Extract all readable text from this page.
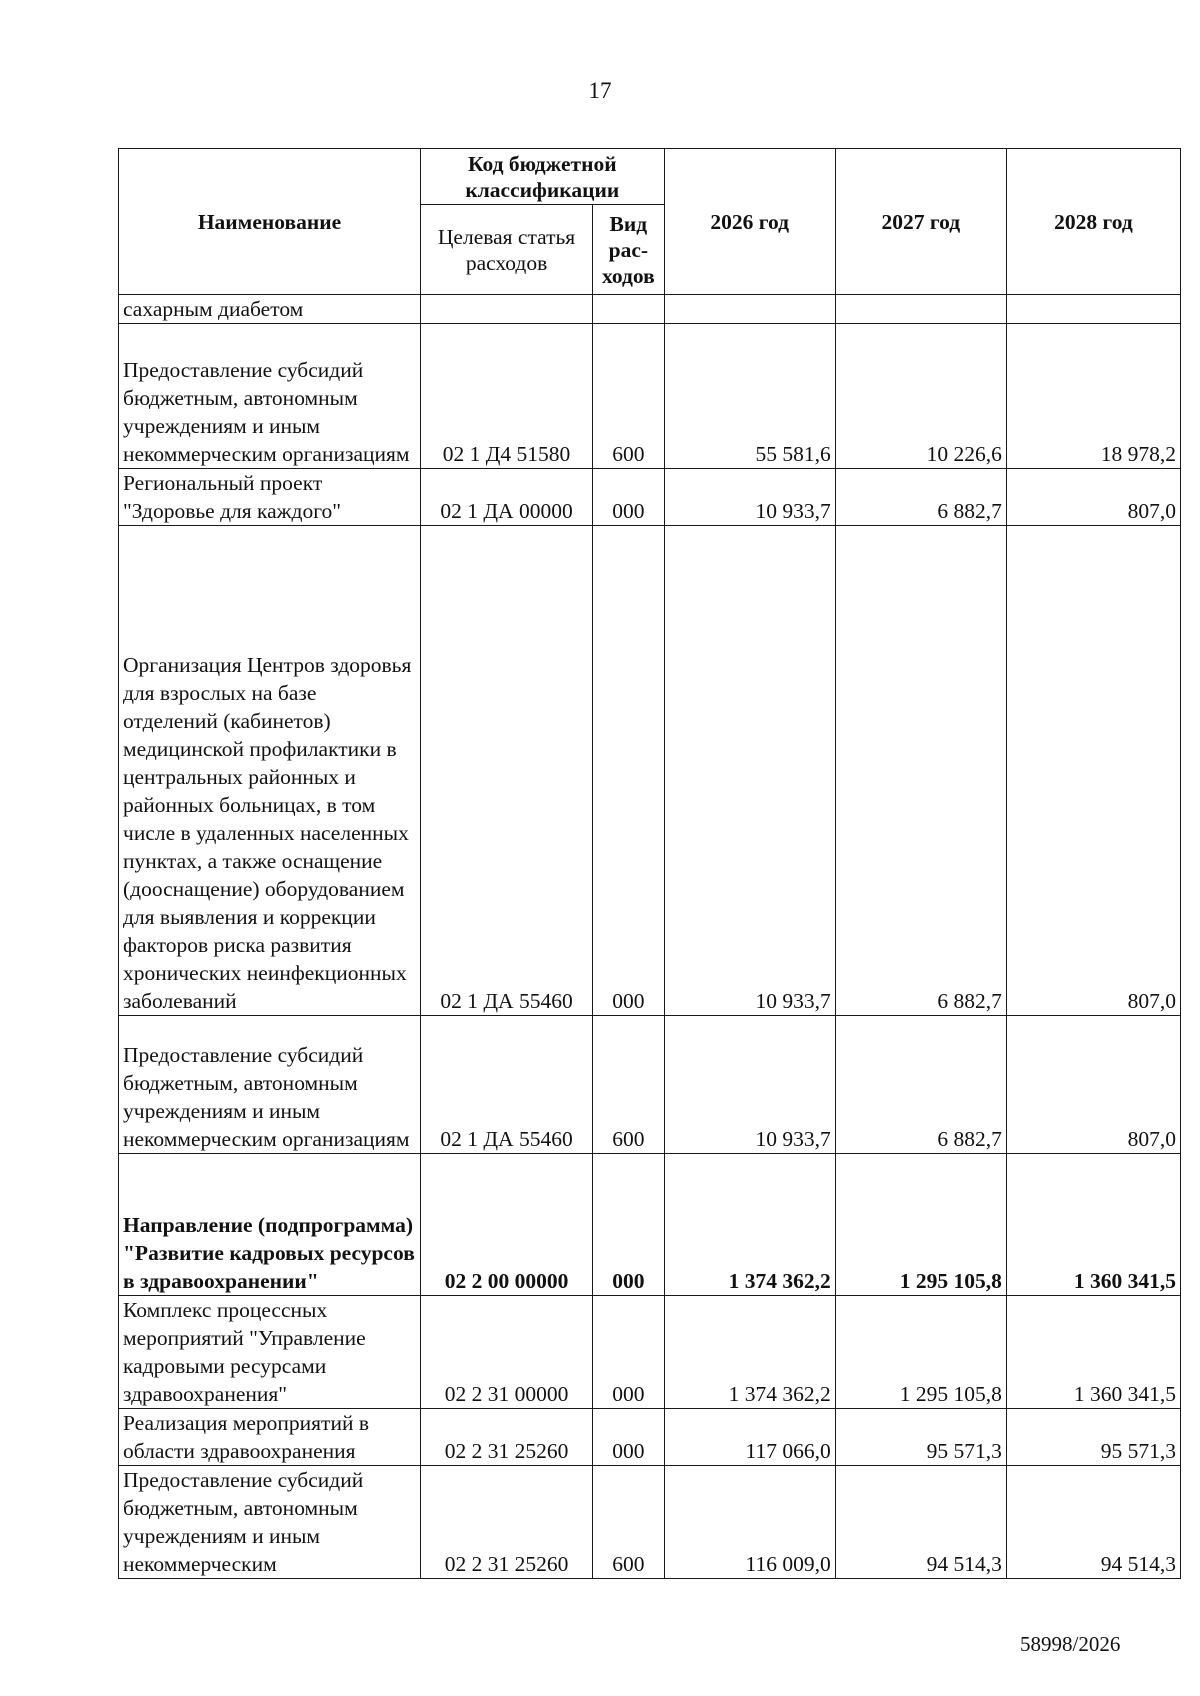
17
Наименование	Код бюджетной классификации		2026 год	2027 год	2028 год
	Целевая статья расходов	Вид рас-ходов			
сахарным диабетом					
Предоставление субсидий бюджетным, автономным учреждениям и иным некоммерческим организациям	02 1 Д4 51580	600	55 581,6	10 226,6	18 978,2
Региональный проект "Здоровье для каждого"	02 1 ДА 00000	000	10 933,7	6 882,7	807,0
Организация Центров здоровья для взрослых на базе отделений (кабинетов) медицинской профилактики в центральных районных и районных больницах, в том числе в удаленных населенных пунктах, а также оснащение (дооснащение) оборудованием для выявления и коррекции факторов риска развития хронических неинфекционных заболеваний	02 1 ДА 55460	000	10 933,7	6 882,7	807,0
Предоставление субсидий бюджетным, автономным учреждениям и иным некоммерческим организациям	02 1 ДА 55460	600	10 933,7	6 882,7	807,0
Направление (подпрограмма) "Развитие кадровых ресурсов в здравоохранении"	02 2 00 00000	000	1 374 362,2	1 295 105,8	1 360 341,5
Комплекс процессных мероприятий "Управление кадровыми ресурсами здравоохранения"	02 2 31 00000	000	1 374 362,2	1 295 105,8	1 360 341,5
Реализация мероприятий в области здравоохранения	02 2 31 25260	000	117 066,0	95 571,3	95 571,3
Предоставление субсидий бюджетным, автономным учреждениям и иным некоммерческим	02 2 31 25260	600	116 009,0	94 514,3	94 514,3
58998/2026
